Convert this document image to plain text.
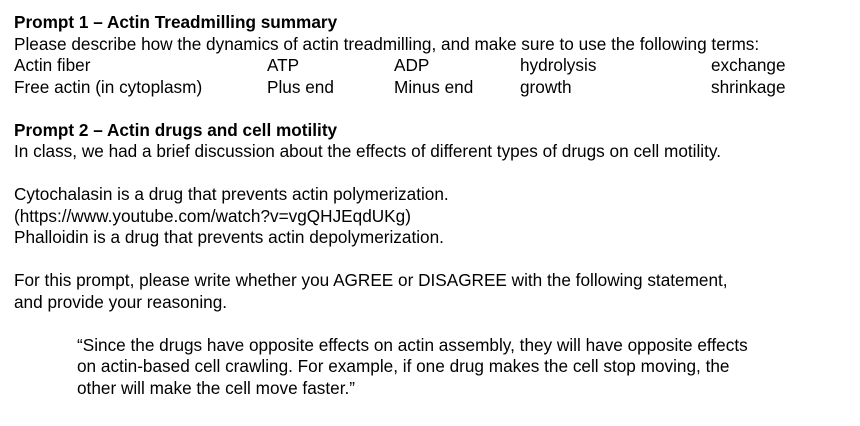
Prompt 1 – Actin Treadmilling summary

Please describe how the dynamics of actin treadmilling, and make sure to use the following terms:

Actin fiber	ATP	ADP	hydrolysis	exchange
Free actin (in cytoplasm)	Plus end	Minus end	growth	shrinkage

Prompt 2 – Actin drugs and cell motility

In class, we had a brief discussion about the effects of different types of drugs on cell motility.

Cytochalasin is a drug that prevents actin polymerization.

(https://www.youtube.com/watch?v=vgQHJEqdUKg)

Phalloidin is a drug that prevents actin depolymerization.

For this prompt, please write whether you AGREE or DISAGREE with the following statement,

and provide your reasoning.

“Since the drugs have opposite effects on actin assembly, they will have opposite effects

on actin-based cell crawling. For example, if one drug makes the cell stop moving, the

other will make the cell move faster.”
